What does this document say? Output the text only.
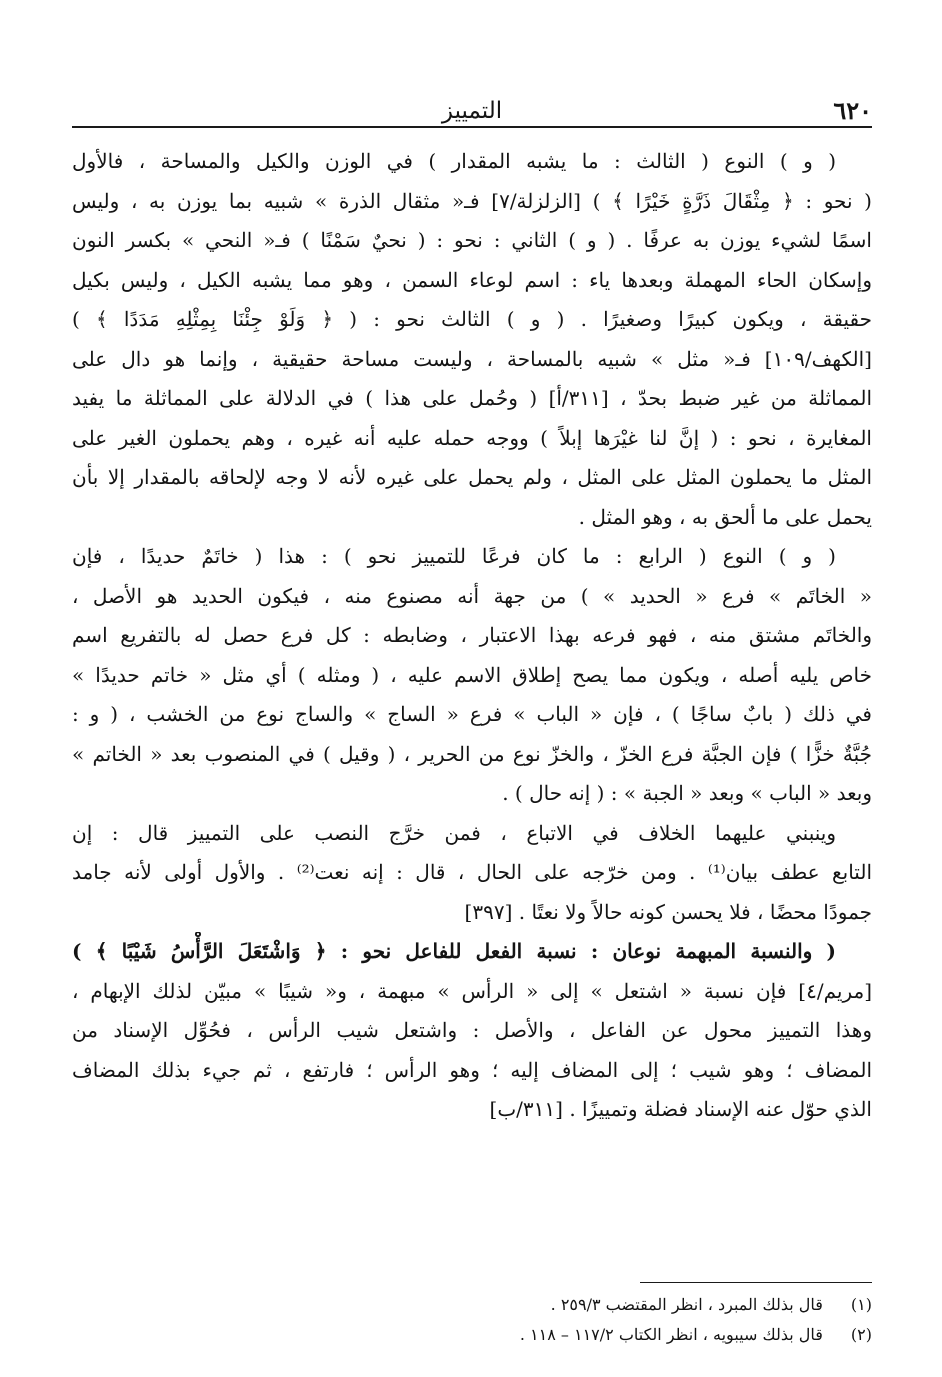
٦٢٠
التمييز
( و ) النوع ( الثالث : ما يشبه المقدار ) في الوزن والكيل والمساحة ، فالأول
( نحو : ﴿ مِثْقَالَ ذَرَّةٍ خَيْرًا ﴾ ) [الزلزلة/٧] فـ« مثقال الذرة » شبيه بما يوزن به ، وليس
اسمًا لشيء يوزن به عرفًا . ( و ) الثاني : نحو : ( نحيٌ سَمْنًا ) فـ« النحي » بكسر النون
وإسكان الحاء المهملة وبعدها ياء : اسم لوعاء السمن ، وهو مما يشبه الكيل ، وليس بكيل
حقيقة ، ويكون كبيرًا وصغيرًا . ( و ) الثالث نحو : ( ﴿ وَلَوْ جِئْنَا بِمِثْلِهِ مَدَدًا ﴾ )
[الكهف/١٠٩] فـ« مثل » شبيه بالمساحة ، وليست مساحة حقيقية ، وإنما هو دال على
المماثلة من غير ضبط بحدّ ، [٣١١/أ] ( وحُمل على هذا ) في الدلالة على المماثلة ما يفيد
المغايرة ، نحو : ( إنَّ لنا غيْرَها إبلاً ) ووجه حمله عليه أنه غيره ، وهم يحملون الغير على
المثل ما يحملون المثل على المثل ، ولم يحمل على غيره لأنه لا وجه لإلحاقه بالمقدار إلا بأن
يحمل على ما ألحق به ، وهو المثل .
( و ) النوع ( الرابع : ما كان فرعًا للتمييز نحو ) : هذا ( خاتَمٌ حديدًا ، فإن
« الخاتَم » فرع « الحديد » ) من جهة أنه مصنوع منه ، فيكون الحديد هو الأصل ،
والخاتَم مشتق منه ، فهو فرعه بهذا الاعتبار ، وضابطه : كل فرع حصل له بالتفريع اسم
خاص يليه أصله ، ويكون مما يصح إطلاق الاسم عليه ، ( ومثله ) أي مثل « خاتم حديدًا »
في ذلك ( بابٌ ساجًا ) ، فإن « الباب » فرع « الساج » والساج نوع من الخشب ، ( و :
جُبَّةٌ خزًّا ) فإن الجبَّة فرع الخزّ ، والخزّ نوع من الحرير ، ( وقيل ) في المنصوب بعد « الخاتم »
وبعد « الباب » وبعد « الجبة » : ( إنه حال ) .
وينبني عليهما الخلاف في الاتباع ، فمن خرَّج النصب على التمييز قال : إن
التابع عطف بيان⁽¹⁾ . ومن خرّجه على الحال ، قال : إنه نعت⁽²⁾ . والأول أولى لأنه جامد
جمودًا محضًا ، فلا يحسن كونه حالاً ولا نعتًا . [٣٩٧]
( والنسبة المبهمة نوعان : نسبة الفعل للفاعل نحو : ﴿ وَاشْتَعَلَ الرَّأْسُ شَيْبًا ﴾ )
[مريم/٤] فإن نسبة « اشتعل » إلى « الرأس » مبهمة ، و« شيبًا » مبيّن لذلك الإبهام ،
وهذا التمييز محول عن الفاعل ، والأصل : واشتعل شيب الرأس ، فحُوِّل الإسناد من
المضاف ؛ وهو شيب ؛ إلى المضاف إليه ؛ وهو الرأس ؛ فارتفع ، ثم جيء بذلك المضاف
الذي حوّل عنه الإسناد فضلة وتمييزًا . [٣١١/ب]
(١) قال بذلك المبرد ، انظر المقتضب ٢٥٩/٣ .
(٢) قال بذلك سيبويه ، انظر الكتاب ١١٧/٢ – ١١٨ .
